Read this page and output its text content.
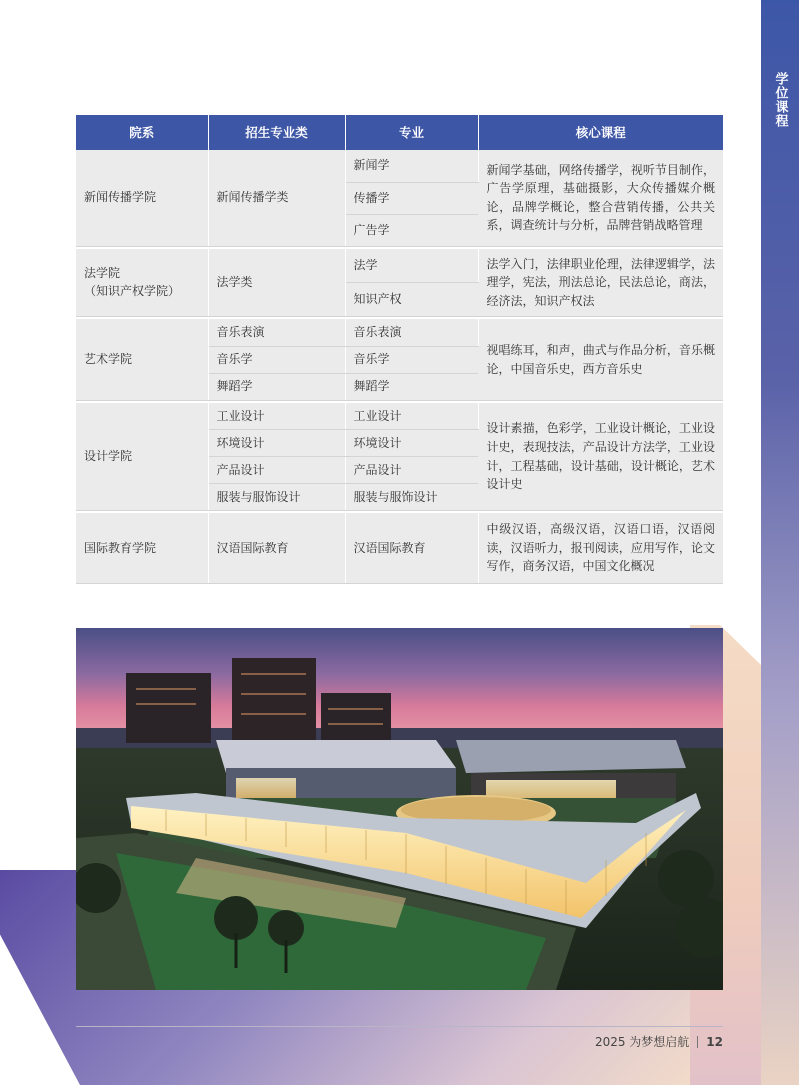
学位课程
院系	招生专业类	专业	核心课程
新闻传播学院	新闻传播学类	新闻学	新闻学基础，网络传播学，视听节目制作，广告学原理，基础摄影，大众传播媒介概论，品牌学概论，整合营销传播，公共关系，调查统计与分析，品牌营销战略管理
		传播学	
		广告学	

法学院
（知识产权学院）	法学类	法学	法学入门，法律职业伦理，法律逻辑学，法理学，宪法，刑法总论，民法总论，商法，经济法，知识产权法
		知识产权	

艺术学院	音乐表演	音乐表演	视唱练耳，和声，曲式与作品分析，音乐概论，中国音乐史，西方音乐史
	音乐学	音乐学	
	舞蹈学	舞蹈学	

设计学院	工业设计	工业设计	设计素描，色彩学，工业设计概论，工业设计史，表现技法，产品设计方法学，工业设计，工程基础，设计基础，设计概论，艺术设计史
	环境设计	环境设计	
	产品设计	产品设计	
	服装与服饰设计	服装与服饰设计	

国际教育学院	汉语国际教育	汉语国际教育	中级汉语，高级汉语，汉语口语，汉语阅读，汉语听力，报刊阅读，应用写作，论文写作，商务汉语，中国文化概况
2025 为梦想启航 12
